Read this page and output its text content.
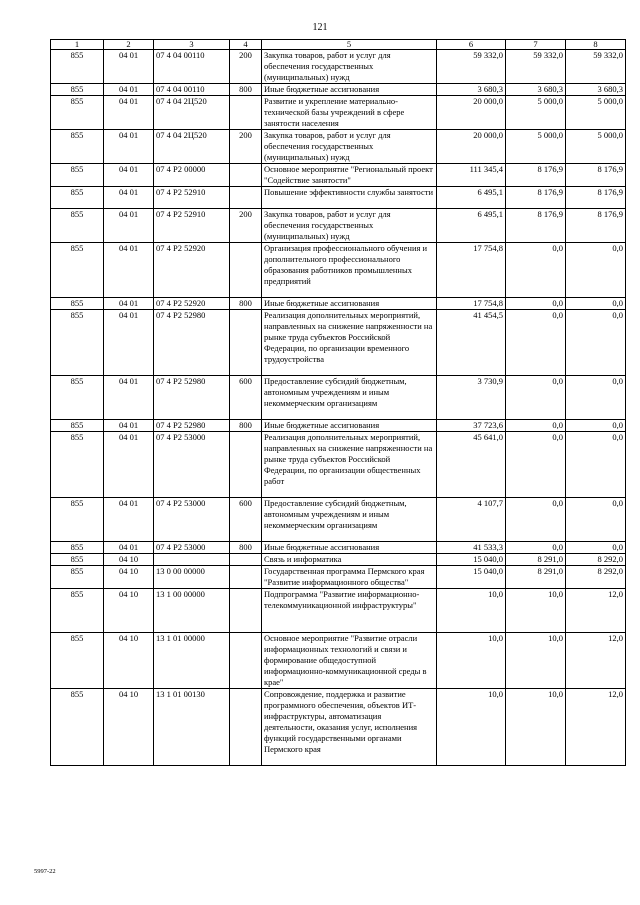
121
1	2	3	4	5	6	7	8
855	04 01	07 4 04 00110	200	Закупка товаров, работ и услуг для обеспечения государственных (муниципальных) нужд	59 332,0	59 332,0	59 332,0
855	04 01	07 4 04 00110	800	Иные бюджетные ассигнования	3 680,3	3 680,3	3 680,3
855	04 01	07 4 04 2Ц520		Развитие и укрепление материально-технической базы учреждений в сфере занятости населения	20 000,0	5 000,0	5 000,0
855	04 01	07 4 04 2Ц520	200	Закупка товаров, работ и услуг для обеспечения государственных (муниципальных) нужд	20 000,0	5 000,0	5 000,0
855	04 01	07 4 P2 00000		Основное мероприятие "Региональный проект "Содействие занятости"	111 345,4	8 176,9	8 176,9
855	04 01	07 4 P2 52910		Повышение эффективности службы занятости	6 495,1	8 176,9	8 176,9
855	04 01	07 4 P2 52910	200	Закупка товаров, работ и услуг для обеспечения государственных (муниципальных) нужд	6 495,1	8 176,9	8 176,9
855	04 01	07 4 P2 52920		Организация профессионального обучения и дополнительного профессионального образования работников промышленных предприятий	17 754,8	0,0	0,0
855	04 01	07 4 P2 52920	800	Иные бюджетные ассигнования	17 754,8	0,0	0,0
855	04 01	07 4 P2 52980		Реализация дополнительных мероприятий, направленных на снижение напряженности на рынке труда субъектов Российской Федерации, по организации временного трудоустройства	41 454,5	0,0	0,0
855	04 01	07 4 P2 52980	600	Предоставление субсидий бюджетным, автономным учреждениям и иным некоммерческим организациям	3 730,9	0,0	0,0
855	04 01	07 4 P2 52980	800	Иные бюджетные ассигнования	37 723,6	0,0	0,0
855	04 01	07 4 P2 53000		Реализация дополнительных мероприятий, направленных на снижение напряженности на рынке труда субъектов Российской Федерации, по организации общественных работ	45 641,0	0,0	0,0
855	04 01	07 4 P2 53000	600	Предоставление субсидий бюджетным, автономным учреждениям и иным некоммерческим организациям	4 107,7	0,0	0,0
855	04 01	07 4 P2 53000	800	Иные бюджетные ассигнования	41 533,3	0,0	0,0
855	04 10			Связь и информатика	15 040,0	8 291,0	8 292,0
855	04 10	13 0 00 00000		Государственная программа Пермского края "Развитие информационного общества"	15 040,0	8 291,0	8 292,0
855	04 10	13 1 00 00000		Подпрограмма "Развитие информационно-телекоммуникационной инфраструктуры"	10,0	10,0	12,0
855	04 10	13 1 01 00000		Основное мероприятие "Развитие отрасли информационных технологий и связи и формирование общедоступной информационно-коммуникационной среды в крае"	10,0	10,0	12,0
855	04 10	13 1 01 00130		Сопровождение, поддержка и развитие программного обеспечения, объектов ИТ-инфраструктуры, автоматизация деятельности, оказания услуг, исполнения функций государственными органами Пермского края	10,0	10,0	12,0
5997-22
